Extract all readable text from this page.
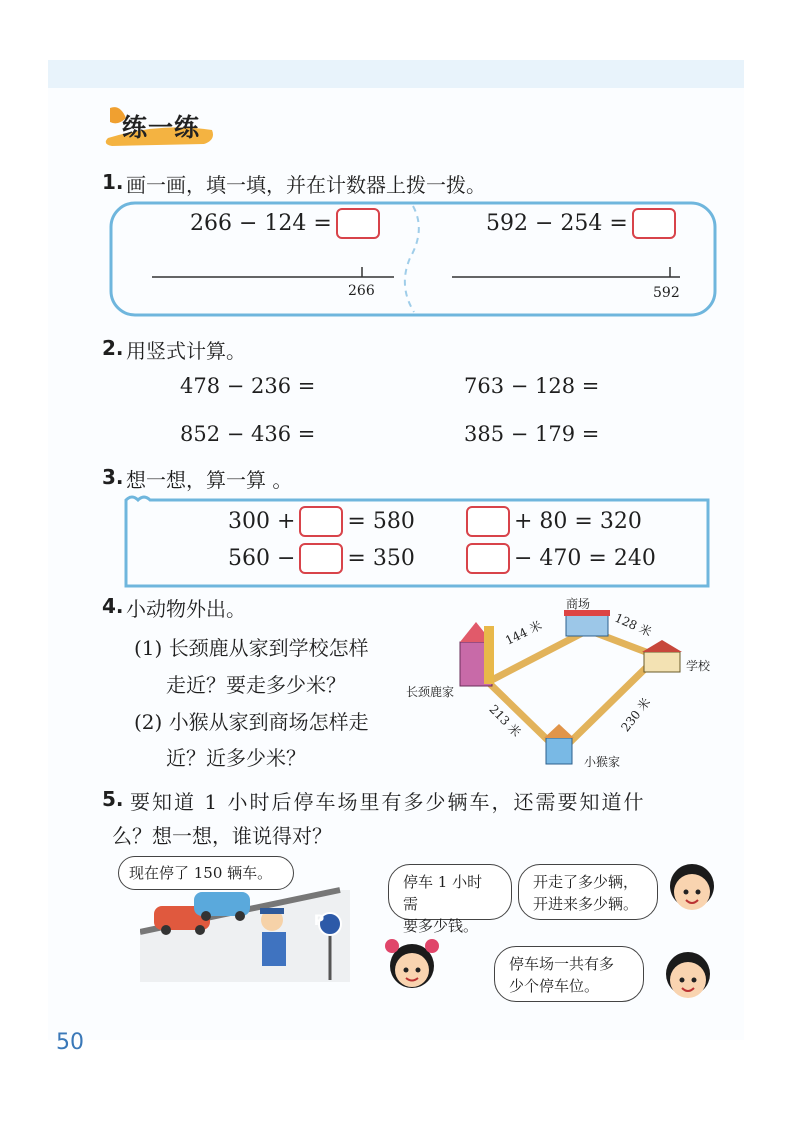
练一练
1. 画一画，填一填，并在计数器上拨一拨。
266 − 124 =	592 − 254 =
266	592
2. 用竖式计算。
478 − 236 =	763 − 128 =
852 − 436 =	385 − 179 =
3. 想一想，算一算 。
300 + = 580	+ 80 = 320
560 − = 350	− 470 = 240
4. 小动物外出。
(1) 长颈鹿从家到学校怎样
走近？要走多少米？
(2) 小猴从家到商场怎样走
近？近多少米？
商场
学校
长颈鹿家
小猴家
144 米	128 米
213 米	230 米
5. 要知道 1 小时后停车场里有多少辆车，还需要知道什
么？想一想，谁说得对？
P
现在停了 150 辆车。	停车 1 小时需
要多少钱。
开走了多少辆，
开进来多少辆。
停车场一共有多
少个停车位。
50
